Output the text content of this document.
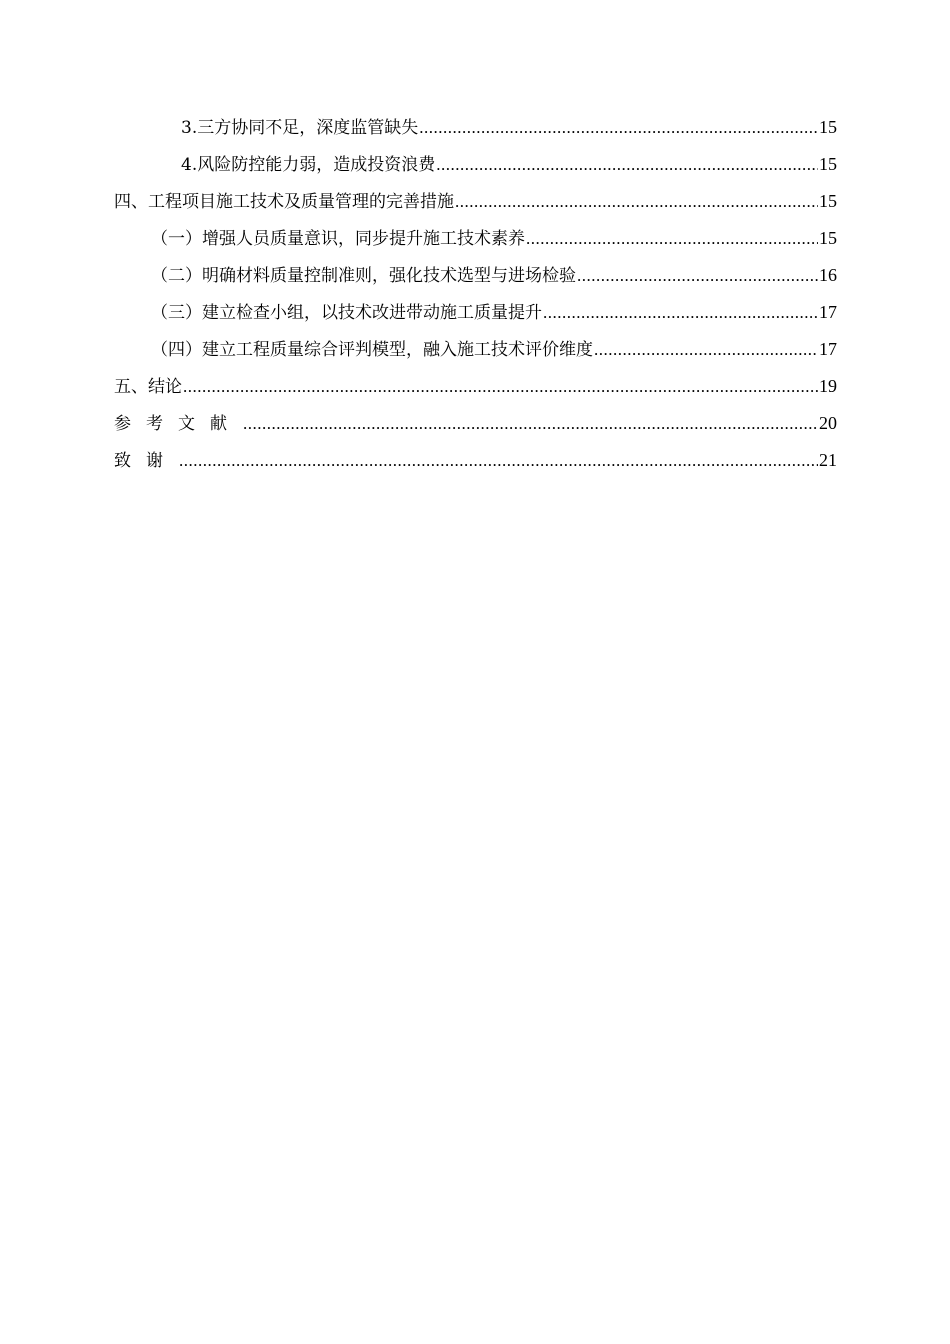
3.三方协同不足，深度监管缺失 .....	15
4.风险防控能力弱，造成投资浪费 .....	15
四、工程项目施工技术及质量管理的完善措施 .....	15
（一）增强人员质量意识，同步提升施工技术素养 .....	15
（二）明确材料质量控制准则，强化技术选型与进场检验 .....	16
（三）建立检查小组，以技术改进带动施工质量提升 .....	17
（四）建立工程质量综合评判模型，融入施工技术评价维度 .....	17
五、结论 .....	19
参考文献 .....	20
致谢 .....	21
